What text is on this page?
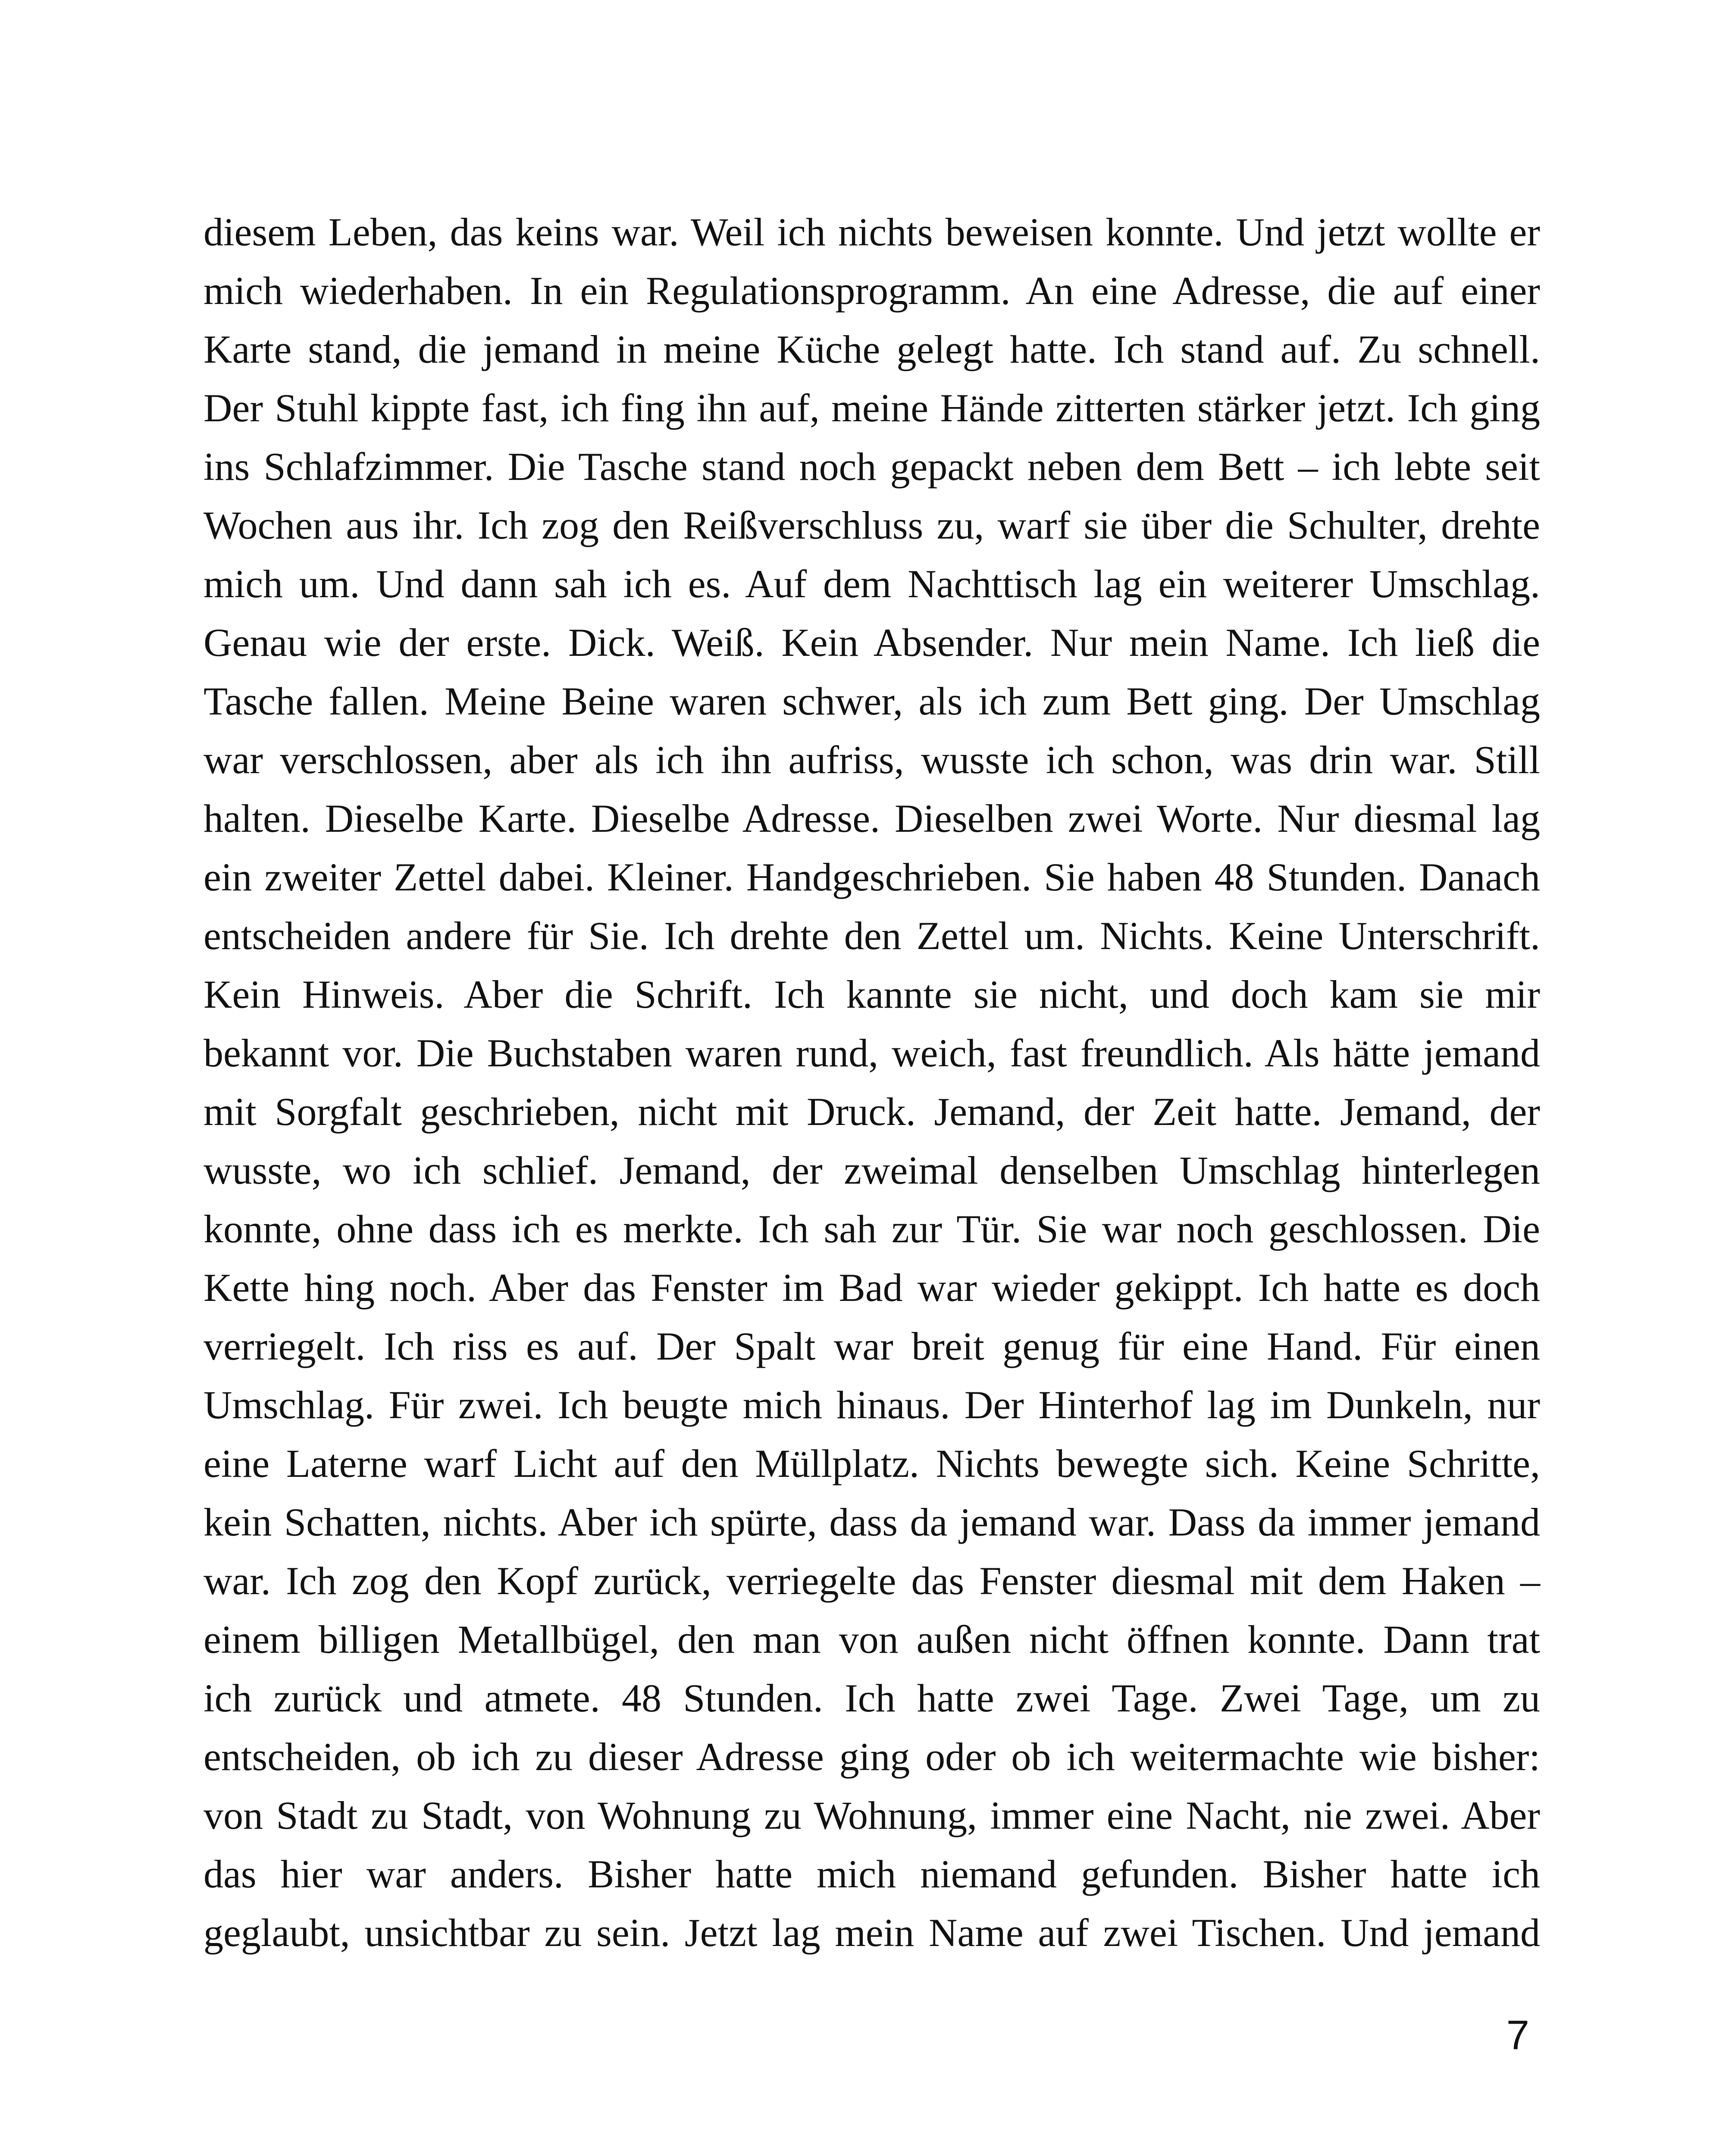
diesem Leben, das keins war. Weil ich nichts beweisen konnte. Und jetzt wollte er
mich wiederhaben. In ein Regulationsprogramm. An eine Adresse, die auf einer
Karte stand, die jemand in meine Küche gelegt hatte. Ich stand auf. Zu schnell.
Der Stuhl kippte fast, ich fing ihn auf, meine Hände zitterten stärker jetzt. Ich ging
ins Schlafzimmer. Die Tasche stand noch gepackt neben dem Bett – ich lebte seit
Wochen aus ihr. Ich zog den Reißverschluss zu, warf sie über die Schulter, drehte
mich um. Und dann sah ich es. Auf dem Nachttisch lag ein weiterer Umschlag.
Genau wie der erste. Dick. Weiß. Kein Absender. Nur mein Name. Ich ließ die
Tasche fallen. Meine Beine waren schwer, als ich zum Bett ging. Der Umschlag
war verschlossen, aber als ich ihn aufriss, wusste ich schon, was drin war. Still
halten. Dieselbe Karte. Dieselbe Adresse. Dieselben zwei Worte. Nur diesmal lag
ein zweiter Zettel dabei. Kleiner. Handgeschrieben. Sie haben 48 Stunden. Danach
entscheiden andere für Sie. Ich drehte den Zettel um. Nichts. Keine Unterschrift.
Kein Hinweis. Aber die Schrift. Ich kannte sie nicht, und doch kam sie mir
bekannt vor. Die Buchstaben waren rund, weich, fast freundlich. Als hätte jemand
mit Sorgfalt geschrieben, nicht mit Druck. Jemand, der Zeit hatte. Jemand, der
wusste, wo ich schlief. Jemand, der zweimal denselben Umschlag hinterlegen
konnte, ohne dass ich es merkte. Ich sah zur Tür. Sie war noch geschlossen. Die
Kette hing noch. Aber das Fenster im Bad war wieder gekippt. Ich hatte es doch
verriegelt. Ich riss es auf. Der Spalt war breit genug für eine Hand. Für einen
Umschlag. Für zwei. Ich beugte mich hinaus. Der Hinterhof lag im Dunkeln, nur
eine Laterne warf Licht auf den Müllplatz. Nichts bewegte sich. Keine Schritte,
kein Schatten, nichts. Aber ich spürte, dass da jemand war. Dass da immer jemand
war. Ich zog den Kopf zurück, verriegelte das Fenster diesmal mit dem Haken –
einem billigen Metallbügel, den man von außen nicht öffnen konnte. Dann trat
ich zurück und atmete. 48 Stunden. Ich hatte zwei Tage. Zwei Tage, um zu
entscheiden, ob ich zu dieser Adresse ging oder ob ich weitermachte wie bisher:
von Stadt zu Stadt, von Wohnung zu Wohnung, immer eine Nacht, nie zwei. Aber
das hier war anders. Bisher hatte mich niemand gefunden. Bisher hatte ich
geglaubt, unsichtbar zu sein. Jetzt lag mein Name auf zwei Tischen. Und jemand
7
